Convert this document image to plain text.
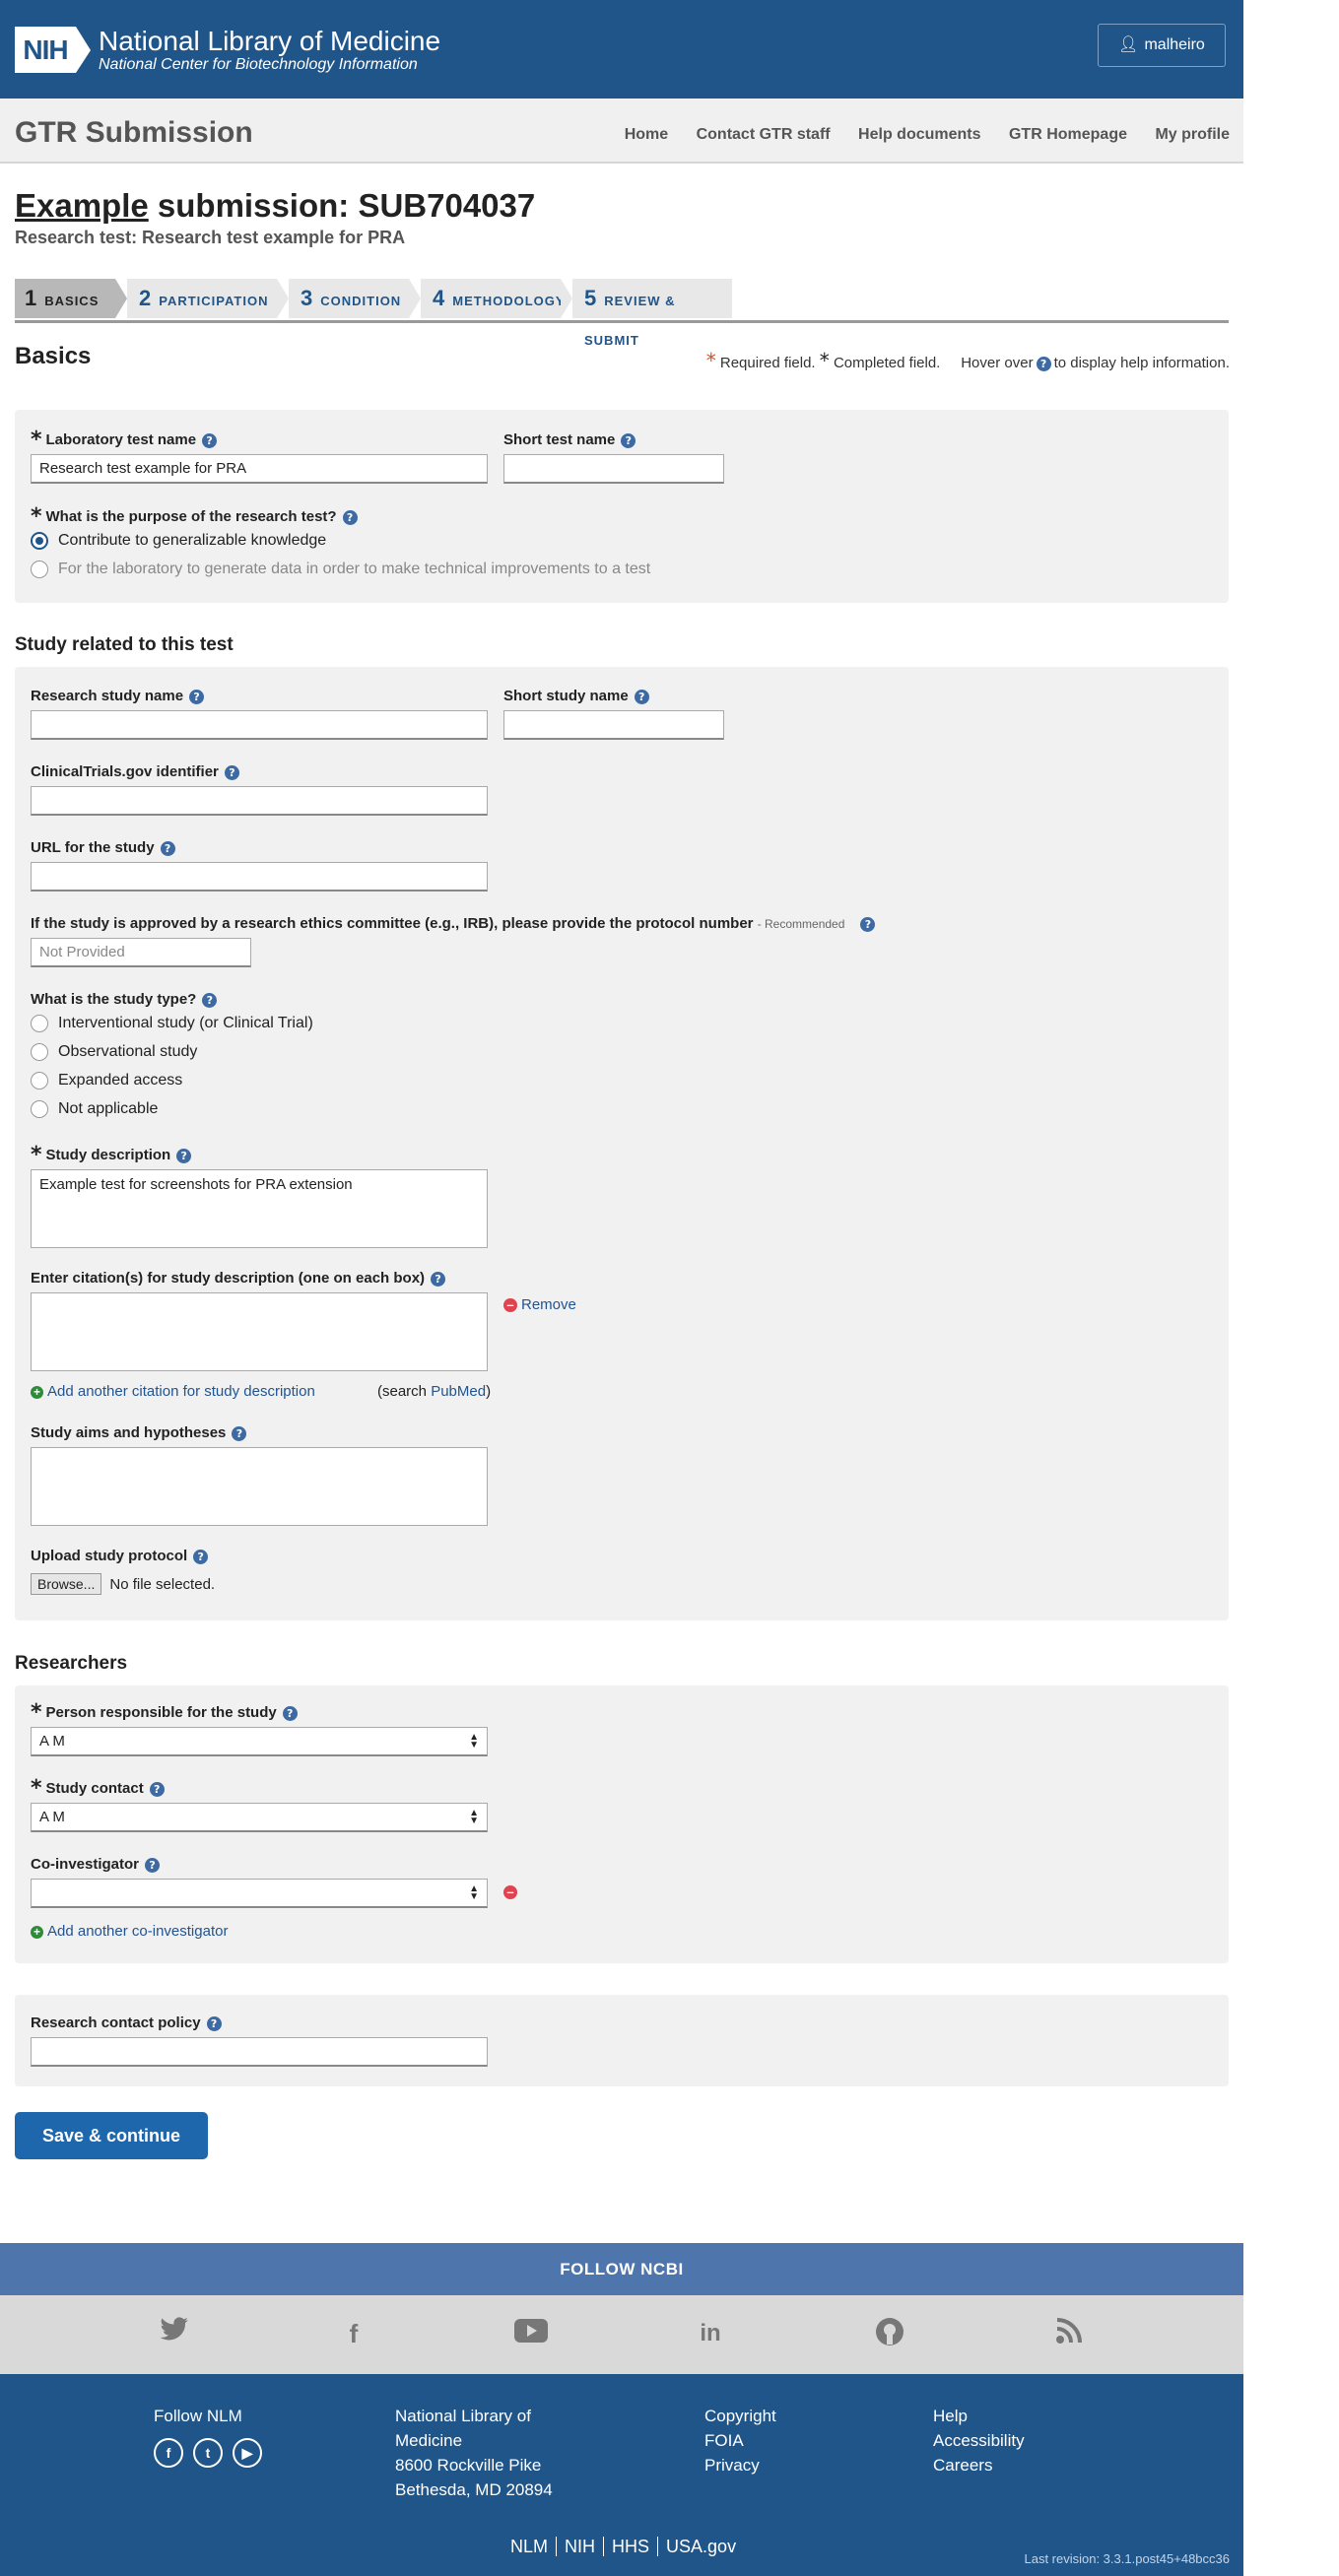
NIH National Library of Medicine
National Center for Biotechnology Information
👤︎ malheiro
GTR Submission	Home Contact GTR staff Help documents GTR Homepage My profile
Example submission: SUB704037
Research test: Research test example for PRA
1 BASICS	2 PARTICIPATION	3 CONDITION	4 METHODOLOGY 5 REVIEW & SUBMIT
Basics	* Required field. * Completed field. Hover over ? to display help information.
* Laboratory test name ?
Research test example for PRA
Short test name ?
* What is the purpose of the research test? ?
Contribute to generalizable knowledge
For the laboratory to generate data in order to make technical improvements to a test
Study related to this test
Research study name ?	Short study name ?
ClinicalTrials.gov identifier ?
URL for the study ?
If the study is approved by a research ethics committee (e.g., IRB), please provide the protocol number - Recommended ?
Not Provided
What is the study type? ?
Interventional study (or Clinical Trial)
Observational study
Expanded access
Not applicable
* Study description ?
Example test for screenshots for PRA extension
Enter citation(s) for study description (one on each box) ?
– Remove
+ Add another citation for study description	(search PubMed)
Study aims and hypotheses ?
Upload study protocol ?
Browse... No file selected.
Researchers
* Person responsible for the study ?
A M	▲
▼
* Study contact ?
A M	▲
▼
Co-investigator ?
▲
▼ –
+ Add another co-investigator
Research contact policy ?
Save & continue
FOLLOW NCBI
f	in
Follow NLM
f	t ▶
National Library of
Medicine
8600 Rockville Pike
Bethesda, MD 20894
Copyright
FOIA
Privacy
Help
Accessibility
Careers
NLM NIH HHS USA.gov
Last revision: 3.3.1.post45+48bcc36
